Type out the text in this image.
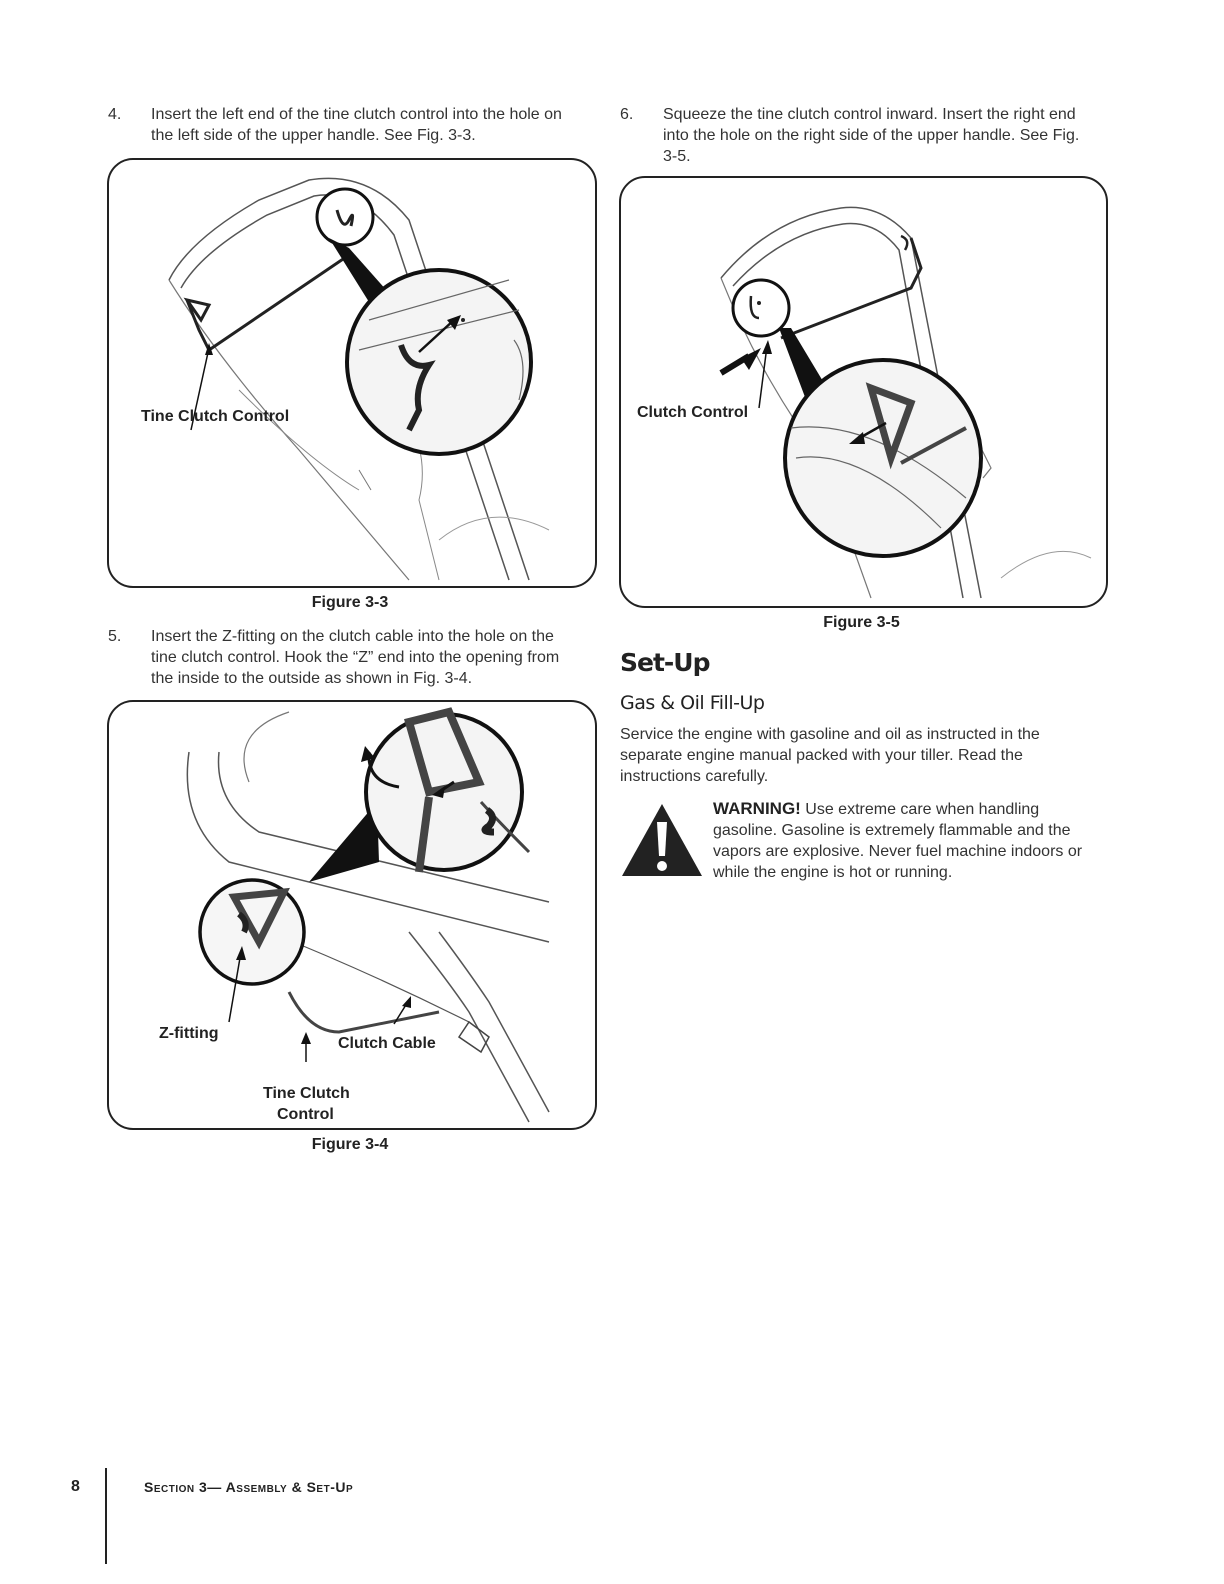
4. Insert the left end of the tine clutch control into the hole on
the left side of the upper handle. See Fig. 3-3.
Tine Clutch Control
Figure 3-3
5. Insert the Z-fitting on the clutch cable into the hole on the
tine clutch control. Hook the “Z” end into the opening from
the inside to the outside as shown in Fig. 3-4.
Z-fitting
Clutch Cable
Tine Clutch
Control
Figure 3-4
6. Squeeze the tine clutch control inward. Insert the right end
into the hole on the right side of the upper handle. See Fig.
3-5.
Clutch Control
Figure 3-5
Set-Up
Gas & Oil Fill-Up
Service the engine with gasoline and oil as instructed in the
separate engine manual packed with your tiller. Read the
instructions carefully.
WARNING! Use extreme care when handling
gasoline. Gasoline is extremely flammable and the
vapors are explosive. Never fuel machine indoors or
while the engine is hot or running.
8	Section 3— Assembly & Set-Up
